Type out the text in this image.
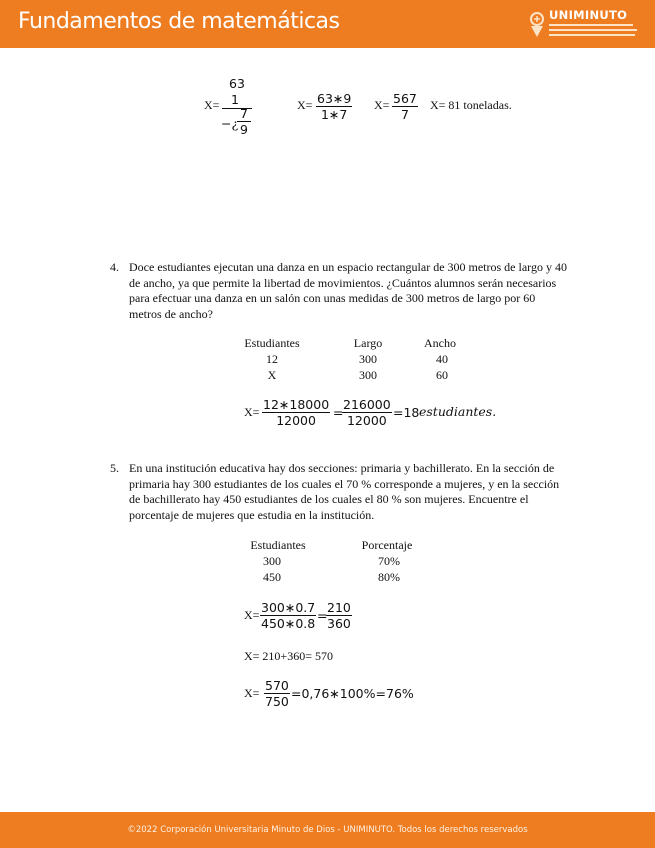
Fundamentos de matemáticas	UNIMINUTO
X=
63
1
−¿
$\frac{7}{9}$
$X= \frac{63∗9}{1∗7} X= \frac{567}{7} X= 81$ toneladas.
4. Doce estudiantes ejecutan una danza en un espacio rectangular de 300 metros de largo y 40 de ancho, ya que permite la libertad de movimientos. ¿Cuántos alumnos serán necesarios para efectuar una danza en un salón con unas medidas de 300 metros de largo por 60 metros de ancho?
Estudiantes	Largo	Ancho
12	300	40
X	300	60
$X= \frac{12∗18000}{12000}$ =
$\frac{216000}{12000} =18$ estudiantes.
5. En una institución educativa hay dos secciones: primaria y bachillerato. En la sección de primaria hay 300 estudiantes de los cuales el 70 % corresponde a mujeres, y en la sección de bachillerato hay 450 estudiantes de los cuales el 80 % son mujeres. Encuentre el porcentaje de mujeres que estudia en la institución.
Estudiantes	Porcentaje
300	70%
450	80%
$X= \frac{300∗0.7}{450∗0.8}$ =
$\frac{210}{360}$
X= 210+360= 570
$X= \frac{570}{750}$ =0,76∗100%=76%
©2022 Corporación Universitaria Minuto de Dios - UNIMINUTO. Todos los derechos reservados
